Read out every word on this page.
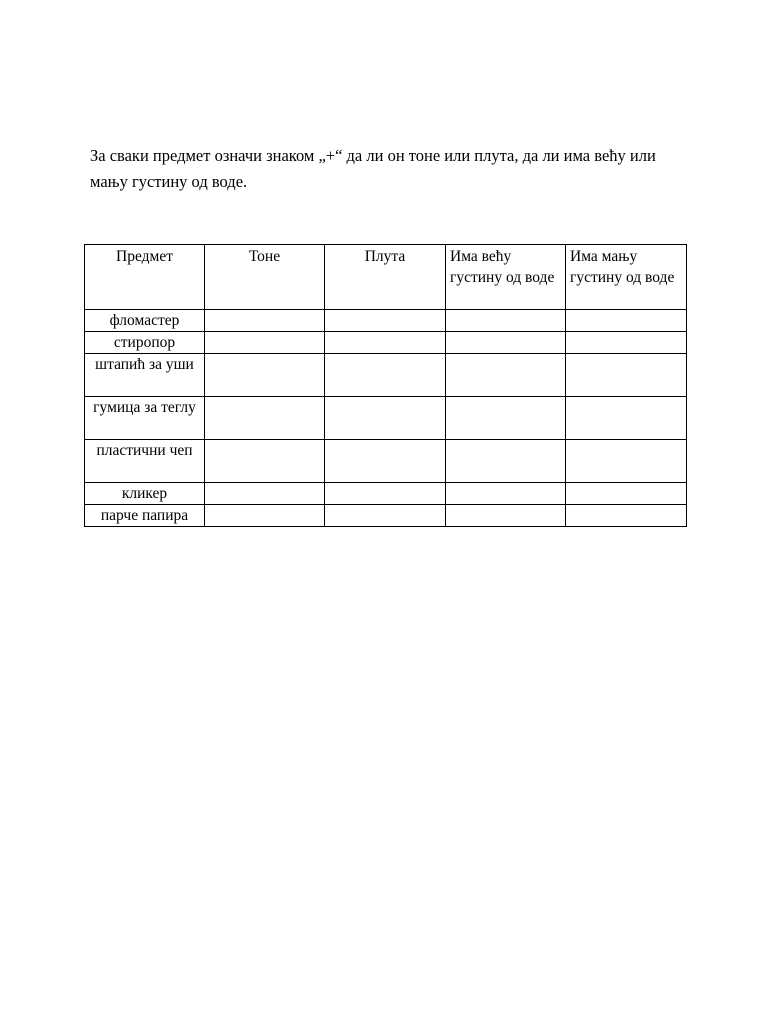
За сваки предмет означи знаком „+“ да ли он тоне или плута, да ли има већу или мању густину од воде.

Предмет	Тоне	Плута	Има већу густину од воде	Има мању густину од воде
фломастер				
стиропор				
штапић за уши				
гумица за теглу				
пластични чеп				
кликер				
парче папира				
